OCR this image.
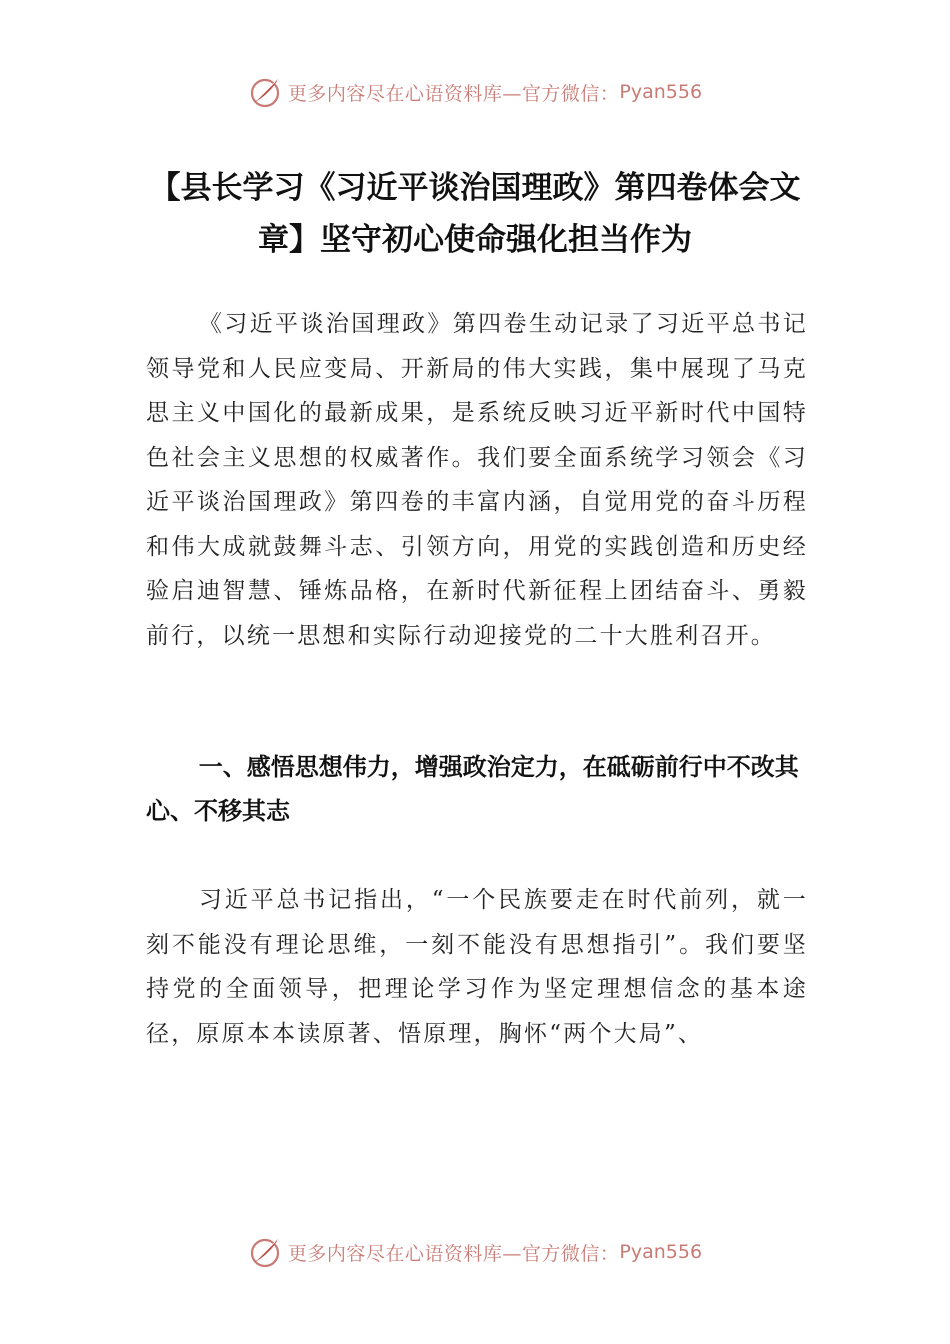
更多内容尽在心语资料库—官方微信： Pyan556
【县长学习《习近平谈治国理政》第四卷体会文章】坚守初心使命强化担当作为

《习近平谈治国理政》第四卷生动记录了习近平总书记领导党和人民应变局、开新局的伟大实践，集中展现了马克思主义中国化的最新成果，是系统反映习近平新时代中国特色社会主义思想的权威著作。我们要全面系统学习领会《习近平谈治国理政》第四卷的丰富内涵，自觉用党的奋斗历程和伟大成就鼓舞斗志、引领方向，用党的实践创造和历史经验启迪智慧、锤炼品格，在新时代新征程上团结奋斗、勇毅前行，以统一思想和实际行动迎接党的二十大胜利召开。

一、感悟思想伟力，增强政治定力，在砥砺前行中不改其心、不移其志

习近平总书记指出，“一个民族要走在时代前列，就一刻不能没有理论思维，一刻不能没有思想指引”。我们要坚持党的全面领导，把理论学习作为坚定理想信念的基本途径，原原本本读原著、悟原理，胸怀“两个大局”、

更多内容尽在心语资料库—官方微信： Pyan556
